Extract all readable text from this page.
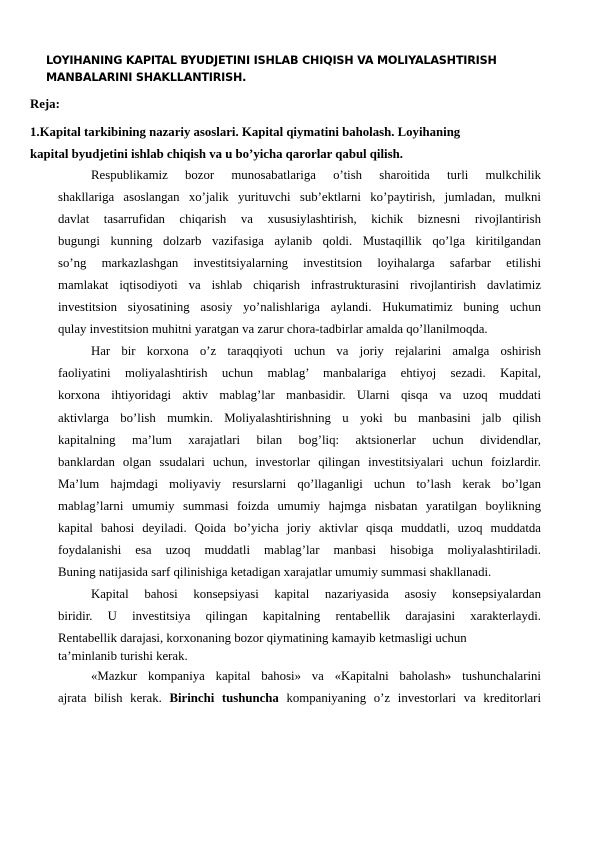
LOYIHANING KAPITAL BYUDJETINI ISHLAB CHIQISH VA MOLIYALASHTIRISH
MANBALARINI SHAKLLANTIRISH.
Reja:
1.Kapital tarkibining nazariy asoslari. Kapital qiymatini baholash. Loyihaning
kapital byudjetini ishlab chiqish va u bo’yicha qarorlar qabul qilish.
Respublikamiz bozor munosabatlariga o’tish sharoitida turli mulkchilik
shakllariga asoslangan xo’jalik yurituvchi sub’ektlarni ko’paytirish, jumladan, mulkni
davlat tasarrufidan chiqarish va xususiylashtirish, kichik biznesni rivojlantirish
bugungi kunning dolzarb vazifasiga aylanib qoldi. Mustaqillik qo’lga kiritilgandan
so’ng markazlashgan investitsiyalarning investitsion loyihalarga safarbar etilishi
mamlakat iqtisodiyoti va ishlab chiqarish infrastrukturasini rivojlantirish davlatimiz
investitsion siyosatining asosiy yo’nalishlariga aylandi. Hukumatimiz buning uchun
qulay investitsion muhitni yaratgan va zarur chora-tadbirlar amalda qo’llanilmoqda.
Har bir korxona o’z taraqqiyoti uchun va joriy rejalarini amalga oshirish
faoliyatini moliyalashtirish uchun mablag’ manbalariga ehtiyoj sezadi. Kapital,
korxona ihtiyoridagi aktiv mablag’lar manbasidir. Ularni qisqa va uzoq muddati
aktivlarga bo’lish mumkin. Moliyalashtirishning u yoki bu manbasini jalb qilish
kapitalning ma’lum xarajatlari bilan bog’liq: aktsionerlar uchun dividendlar,
banklardan olgan ssudalari uchun, investorlar qilingan investitsiyalari uchun foizlardir.
Ma’lum hajmdagi moliyaviy resurslarni qo’llaganligi uchun to’lash kerak bo’lgan
mablag’larni umumiy summasi foizda umumiy hajmga nisbatan yaratilgan boylikning
kapital bahosi deyiladi. Qoida bo’yicha joriy aktivlar qisqa muddatli, uzoq muddatda
foydalanishi esa uzoq muddatli mablag’lar manbasi hisobiga moliyalashtiriladi.
Buning natijasida sarf qilinishiga ketadigan xarajatlar umumiy summasi shakllanadi.
Kapital bahosi konsepsiyasi kapital nazariyasida asosiy konsepsiyalardan
biridir. U investitsiya qilingan kapitalning rentabellik darajasini xarakterlaydi.
Rentabellik darajasi, korxonaning bozor qiymatining kamayib ketmasligi uchun
ta’minlanib turishi kerak.
«Mazkur kompaniya kapital bahosi» va «Kapitalni baholash» tushunchalarini
ajrata bilish kerak. Birinchi tushuncha kompaniyaning o’z investorlari va kreditorlari
